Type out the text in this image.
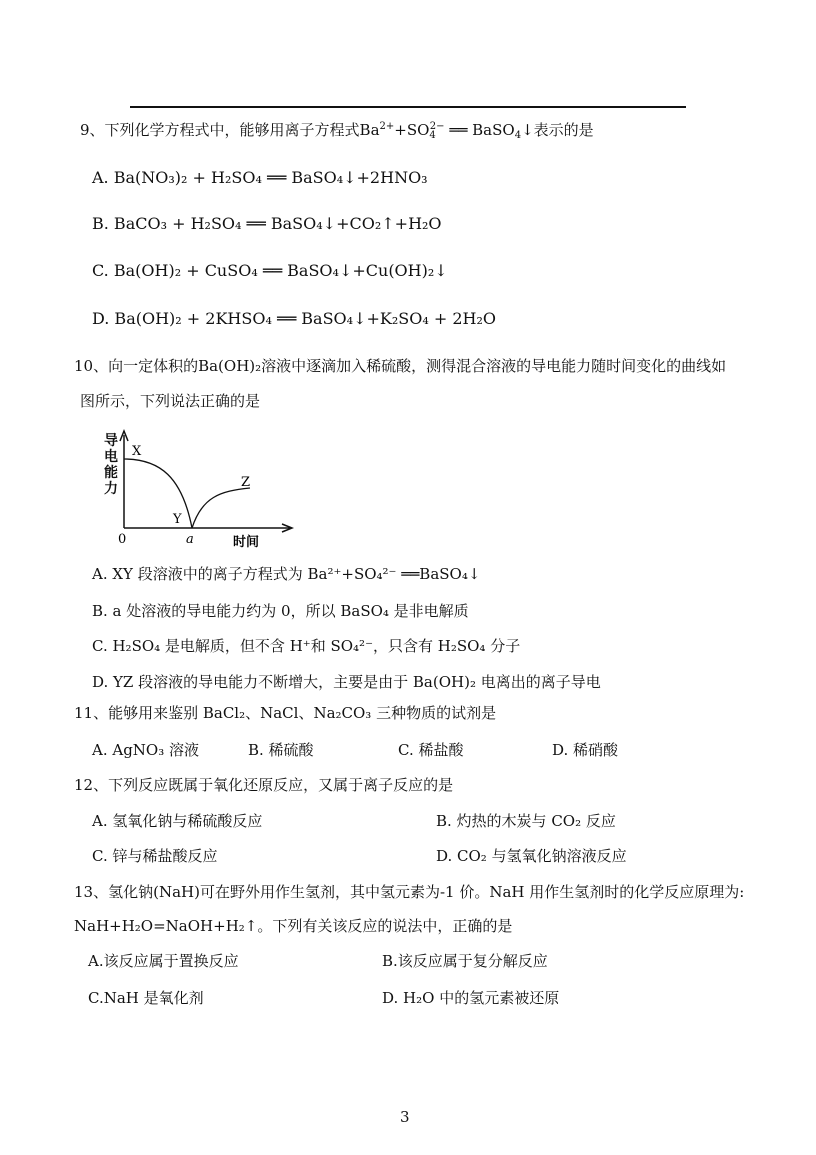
9、下列化学方程式中，能够用离子方程式$Ba^{2+}+SO_4^{2-}$ ══ BaSO$_4$↓表示的是
A. Ba(NO₃)₂ + H₂SO₄ ══ BaSO₄↓+2HNO₃
B. BaCO₃ + H₂SO₄ ══ BaSO₄↓+CO₂↑+H₂O
C. Ba(OH)₂ + CuSO₄ ══ BaSO₄↓+Cu(OH)₂↓
D. Ba(OH)₂ + 2KHSO₄ ══ BaSO₄↓+K₂SO₄ + 2H₂O
10、向一定体积的Ba(OH)₂溶液中逐滴加入稀硫酸，测得混合溶液的导电能力随时间变化的曲线如
图所示，下列说法正确的是
X
Y
Z
0	a	时间
导电能力
A. XY 段溶液中的离子方程式为 Ba²⁺+SO₄²⁻ ══BaSO₄↓
B. a 处溶液的导电能力约为 0，所以 BaSO₄ 是非电解质
C. H₂SO₄ 是电解质，但不含 H⁺和 SO₄²⁻，只含有 H₂SO₄ 分子
D. YZ 段溶液的导电能力不断增大，主要是由于 Ba(OH)₂ 电离出的离子导电
11、能够用来鉴别 BaCl₂、NaCl、Na₂CO₃ 三种物质的试剂是
A. AgNO₃ 溶液	B. 稀硫酸	C. 稀盐酸	D. 稀硝酸
12、下列反应既属于氧化还原反应，又属于离子反应的是
A. 氢氧化钠与稀硫酸反应	B. 灼热的木炭与 CO₂ 反应
C. 锌与稀盐酸反应	D. CO₂ 与氢氧化钠溶液反应
13、氢化钠(NaH)可在野外用作生氢剂，其中氢元素为-1 价。NaH 用作生氢剂时的化学反应原理为:
NaH+H₂O=NaOH+H₂↑。下列有关该反应的说法中，正确的是
A.该反应属于置换反应	B.该反应属于复分解反应
C.NaH 是氧化剂	D. H₂O 中的氢元素被还原
3
